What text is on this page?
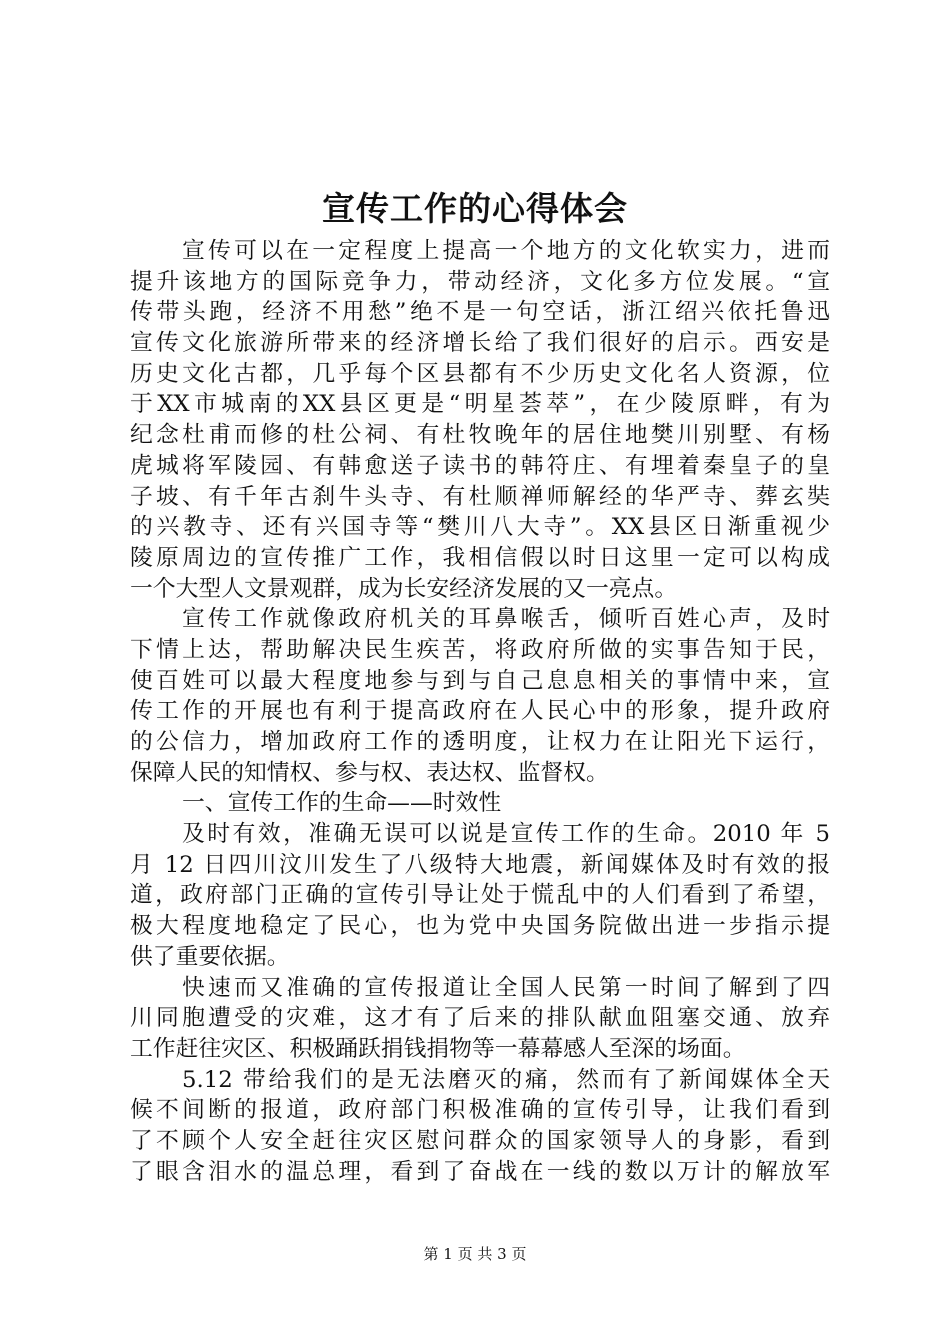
宣传工作的心得体会
宣传可以在一定程度上提高一个地方的文化软实力，进而
提升该地方的国际竞争力，带动经济，文化多方位发展。“宣
传带头跑，经济不用愁”绝不是一句空话，浙江绍兴依托鲁迅
宣传文化旅游所带来的经济增长给了我们很好的启示。西安是
历史文化古都，几乎每个区县都有不少历史文化名人资源，位
于XX市城南的XX县区更是“明星荟萃”，在少陵原畔，有为
纪念杜甫而修的杜公祠、有杜牧晚年的居住地樊川别墅、有杨
虎城将军陵园、有韩愈送子读书的韩符庄、有埋着秦皇子的皇
子坡、有千年古刹牛头寺、有杜顺禅师解经的华严寺、葬玄奘
的兴教寺、还有兴国寺等“樊川八大寺”。XX县区日渐重视少
陵原周边的宣传推广工作，我相信假以时日这里一定可以构成
一个大型人文景观群，成为长安经济发展的又一亮点。
宣传工作就像政府机关的耳鼻喉舌，倾听百姓心声，及时
下情上达，帮助解决民生疾苦，将政府所做的实事告知于民，
使百姓可以最大程度地参与到与自己息息相关的事情中来，宣
传工作的开展也有利于提高政府在人民心中的形象，提升政府
的公信力，增加政府工作的透明度，让权力在让阳光下运行，
保障人民的知情权、参与权、表达权、监督权。
一、宣传工作的生命——时效性
及时有效，准确无误可以说是宣传工作的生命。2010 年 5
月 12 日四川汶川发生了八级特大地震，新闻媒体及时有效的报
道，政府部门正确的宣传引导让处于慌乱中的人们看到了希望，
极大程度地稳定了民心，也为党中央国务院做出进一步指示提
供了重要依据。
快速而又准确的宣传报道让全国人民第一时间了解到了四
川同胞遭受的灾难，这才有了后来的排队献血阻塞交通、放弃
工作赶往灾区、积极踊跃捐钱捐物等一幕幕感人至深的场面。
5.12 带给我们的是无法磨灭的痛，然而有了新闻媒体全天
候不间断的报道，政府部门积极准确的宣传引导，让我们看到
了不顾个人安全赶往灾区慰问群众的国家领导人的身影，看到
了眼含泪水的温总理，看到了奋战在一线的数以万计的解放军
第 1 页 共 3 页
